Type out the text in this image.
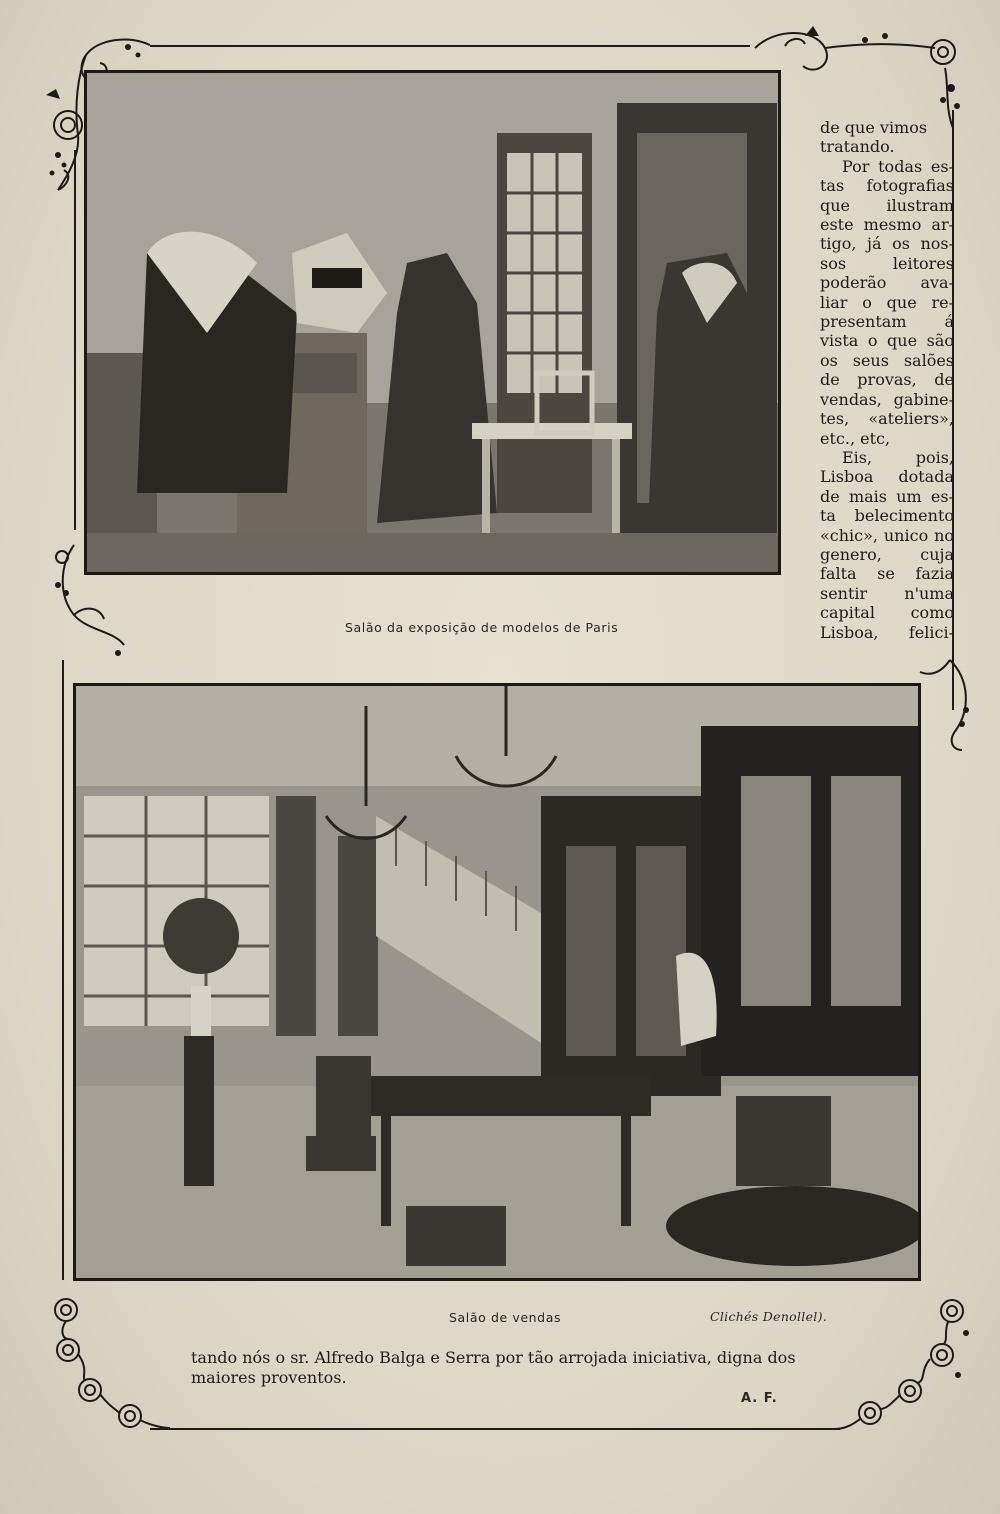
Salão da exposição de modelos de Paris
de que vimos
tratando.
Por todas es-
tas fotografias
que ilustram
este mesmo ar-
tigo, já os nos-
sos leitores
poderão ava-
liar o que re-
presentam á
vista o que são
os seus salões
de provas, de
vendas, gabine-
tes, «ateliers»,
etc., etc,
Eis, pois,
Lisboa dotada
de mais um es-
ta belecimento
«chic», unico no
genero, cuja
falta se fazia
sentir n'uma
capital como
Lisboa, felici-
Salão de vendas	Clichés Denollel).
tando nós o sr. Alfredo Balga e Serra por tão arrojada iniciativa, digna dos
maiores proventos.
A. F.
